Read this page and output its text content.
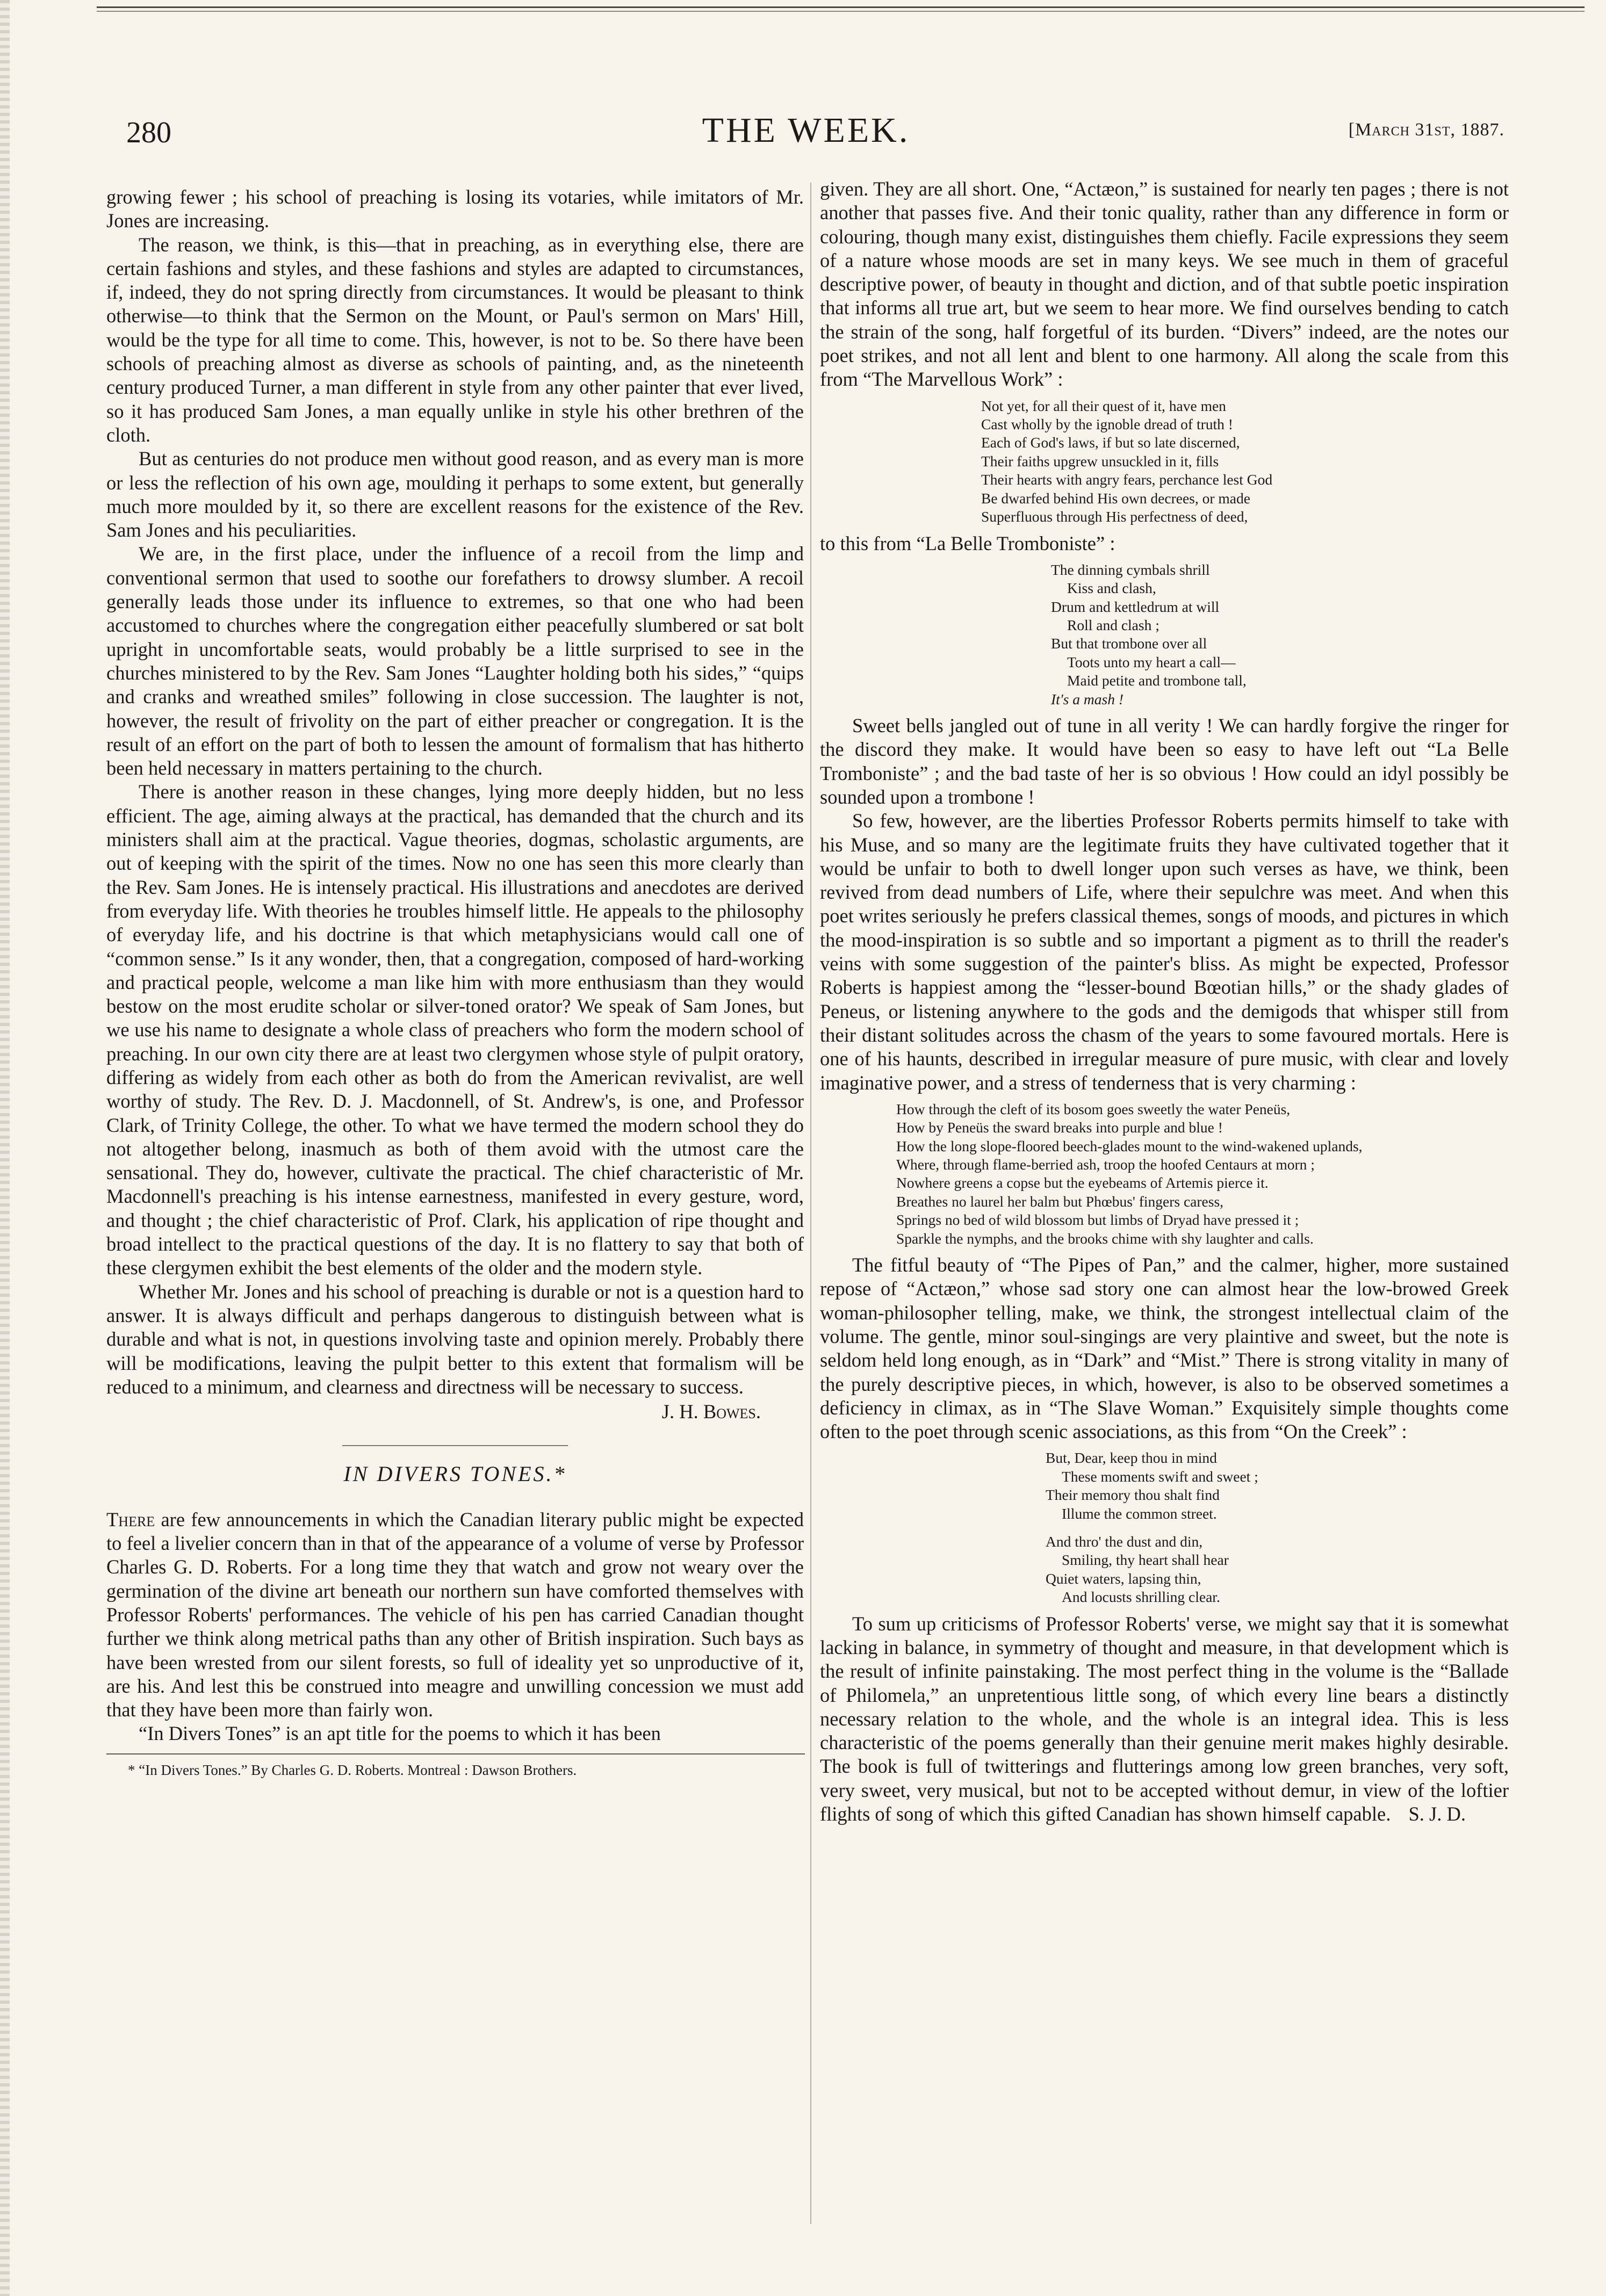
280	THE WEEK.	[March 31st, 1887.

growing fewer ; his school of preaching is losing its votaries, while imitators of Mr. Jones are increasing.

The reason, we think, is this—that in preaching, as in everything else, there are certain fashions and styles, and these fashions and styles are adapted to circumstances, if, indeed, they do not spring directly from circumstances. It would be pleasant to think otherwise—to think that the Sermon on the Mount, or Paul's sermon on Mars' Hill, would be the type for all time to come. This, however, is not to be. So there have been schools of preaching almost as diverse as schools of painting, and, as the nineteenth century produced Turner, a man different in style from any other painter that ever lived, so it has produced Sam Jones, a man equally unlike in style his other brethren of the cloth.

But as centuries do not produce men without good reason, and as every man is more or less the reflection of his own age, moulding it perhaps to some extent, but generally much more moulded by it, so there are excellent reasons for the existence of the Rev. Sam Jones and his peculiarities.

We are, in the first place, under the influence of a recoil from the limp and conventional sermon that used to soothe our forefathers to drowsy slumber. A recoil generally leads those under its influence to extremes, so that one who had been accustomed to churches where the congregation either peacefully slumbered or sat bolt upright in uncomfortable seats, would probably be a little surprised to see in the churches ministered to by the Rev. Sam Jones “Laughter holding both his sides,” “quips and cranks and wreathed smiles” following in close succession. The laughter is not, however, the result of frivolity on the part of either preacher or congregation. It is the result of an effort on the part of both to lessen the amount of formalism that has hitherto been held necessary in matters pertaining to the church.

There is another reason in these changes, lying more deeply hidden, but no less efficient. The age, aiming always at the practical, has demanded that the church and its ministers shall aim at the practical. Vague theories, dogmas, scholastic arguments, are out of keeping with the spirit of the times. Now no one has seen this more clearly than the Rev. Sam Jones. He is intensely practical. His illustrations and anecdotes are derived from everyday life. With theories he troubles himself little. He appeals to the philosophy of everyday life, and his doctrine is that which metaphysicians would call one of “common sense.” Is it any wonder, then, that a congregation, composed of hard-working and practical people, welcome a man like him with more enthusiasm than they would bestow on the most erudite scholar or silver-toned orator? We speak of Sam Jones, but we use his name to designate a whole class of preachers who form the modern school of preaching. In our own city there are at least two clergymen whose style of pulpit oratory, differing as widely from each other as both do from the American revivalist, are well worthy of study. The Rev. D. J. Macdonnell, of St. Andrew's, is one, and Professor Clark, of Trinity College, the other. To what we have termed the modern school they do not altogether belong, inasmuch as both of them avoid with the utmost care the sensational. They do, however, cultivate the practical. The chief characteristic of Mr. Macdonnell's preaching is his intense earnestness, manifested in every gesture, word, and thought ; the chief characteristic of Prof. Clark, his application of ripe thought and broad intellect to the practical questions of the day. It is no flattery to say that both of these clergymen exhibit the best elements of the older and the modern style.

Whether Mr. Jones and his school of preaching is durable or not is a question hard to answer. It is always difficult and perhaps dangerous to distinguish between what is durable and what is not, in questions involving taste and opinion merely. Probably there will be modifications, leaving the pulpit better to this extent that formalism will be reduced to a minimum, and clearness and directness will be necessary to success.

J. H. Bowes.
IN DIVERS TONES.*

There are few announcements in which the Canadian literary public might be expected to feel a livelier concern than in that of the appearance of a volume of verse by Professor Charles G. D. Roberts. For a long time they that watch and grow not weary over the germination of the divine art beneath our northern sun have comforted themselves with Professor Roberts' performances. The vehicle of his pen has carried Canadian thought further we think along metrical paths than any other of British inspiration. Such bays as have been wrested from our silent forests, so full of ideality yet so unproductive of it, are his. And lest this be construed into meagre and unwilling concession we must add that they have been more than fairly won.

“In Divers Tones” is an apt title for the poems to which it has been

* “In Divers Tones.” By Charles G. D. Roberts. Montreal : Dawson Brothers.

given. They are all short. One, “Actæon,” is sustained for nearly ten pages ; there is not another that passes five. And their tonic quality, rather than any difference in form or colouring, though many exist, distinguishes them chiefly. Facile expressions they seem of a nature whose moods are set in many keys. We see much in them of graceful descriptive power, of beauty in thought and diction, and of that subtle poetic inspiration that informs all true art, but we seem to hear more. We find ourselves bending to catch the strain of the song, half forgetful of its burden. “Divers” indeed, are the notes our poet strikes, and not all lent and blent to one harmony. All along the scale from this from “The Marvellous Work” :

Not yet, for all their quest of it, have men
Cast wholly by the ignoble dread of truth !
Each of God's laws, if but so late discerned,
Their faiths upgrew unsuckled in it, fills
Their hearts with angry fears, perchance lest God
Be dwarfed behind His own decrees, or made
Superfluous through His perfectness of deed,

to this from “La Belle Tromboniste” :

The dinning cymbals shrill
Kiss and clash,
Drum and kettledrum at will
Roll and clash ;
But that trombone over all
Toots unto my heart a call—
Maid petite and trombone tall,
It's a mash !

Sweet bells jangled out of tune in all verity ! We can hardly forgive the ringer for the discord they make. It would have been so easy to have left out “La Belle Tromboniste” ; and the bad taste of her is so obvious ! How could an idyl possibly be sounded upon a trombone !

So few, however, are the liberties Professor Roberts permits himself to take with his Muse, and so many are the legitimate fruits they have cultivated together that it would be unfair to both to dwell longer upon such verses as have, we think, been revived from dead numbers of Life, where their sepulchre was meet. And when this poet writes seriously he prefers classical themes, songs of moods, and pictures in which the mood-inspiration is so subtle and so important a pigment as to thrill the reader's veins with some suggestion of the painter's bliss. As might be expected, Professor Roberts is happiest among the “lesser-bound Bœotian hills,” or the shady glades of Peneus, or listening anywhere to the gods and the demigods that whisper still from their distant solitudes across the chasm of the years to some favoured mortals. Here is one of his haunts, described in irregular measure of pure music, with clear and lovely imaginative power, and a stress of tenderness that is very charming :

How through the cleft of its bosom goes sweetly the water Peneüs,
How by Peneüs the sward breaks into purple and blue !
How the long slope-floored beech-glades mount to the wind-wakened uplands,
Where, through flame-berried ash, troop the hoofed Centaurs at morn ;
Nowhere greens a copse but the eyebeams of Artemis pierce it.
Breathes no laurel her balm but Phœbus' fingers caress,
Springs no bed of wild blossom but limbs of Dryad have pressed it ;
Sparkle the nymphs, and the brooks chime with shy laughter and calls.

The fitful beauty of “The Pipes of Pan,” and the calmer, higher, more sustained repose of “Actæon,” whose sad story one can almost hear the low-browed Greek woman-philosopher telling, make, we think, the strongest intellectual claim of the volume. The gentle, minor soul-singings are very plaintive and sweet, but the note is seldom held long enough, as in “Dark” and “Mist.” There is strong vitality in many of the purely descriptive pieces, in which, however, is also to be observed sometimes a deficiency in climax, as in “The Slave Woman.” Exquisitely simple thoughts come often to the poet through scenic associations, as this from “On the Creek” :

But, Dear, keep thou in mind
These moments swift and sweet ;
Their memory thou shalt find
Illume the common street.
And thro' the dust and din,
Smiling, thy heart shall hear
Quiet waters, lapsing thin,
And locusts shrilling clear.

To sum up criticisms of Professor Roberts' verse, we might say that it is somewhat lacking in balance, in symmetry of thought and measure, in that development which is the result of infinite painstaking. The most perfect thing in the volume is the “Ballade of Philomela,” an unpretentious little song, of which every line bears a distinctly necessary relation to the whole, and the whole is an integral idea. This is less characteristic of the poems generally than their genuine merit makes highly desirable. The book is full of twitterings and flutterings among low green branches, very soft, very sweet, very musical, but not to be accepted without demur, in view of the loftier flights of song of which this gifted Canadian has shown himself capable. S. J. D.
